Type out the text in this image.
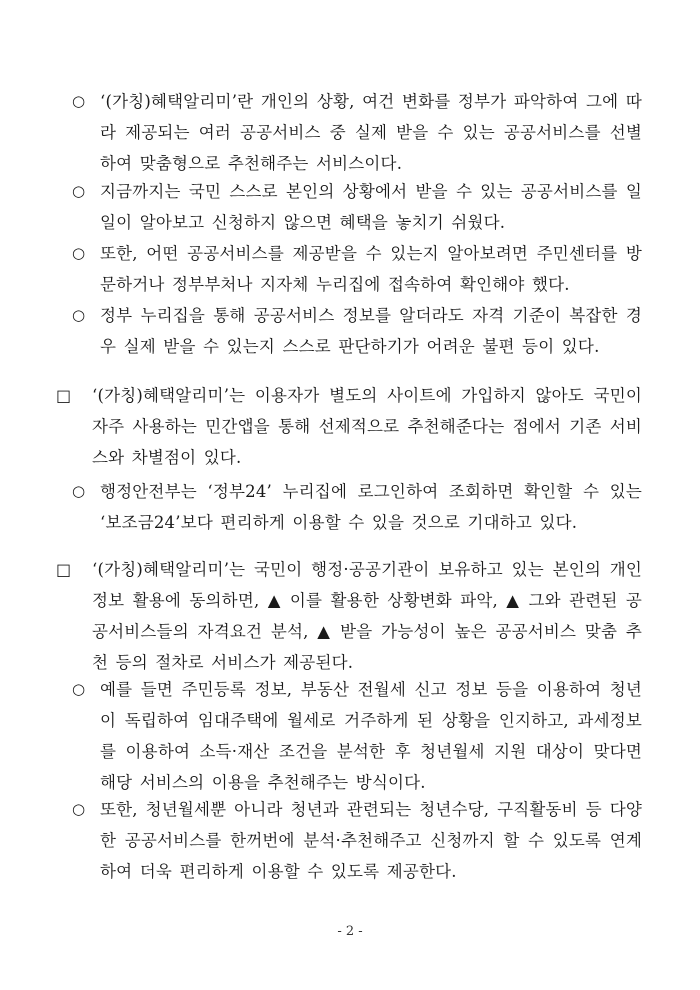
○ ‘(가칭)혜택알리미’란 개인의 상황, 여건 변화를 정부가 파악하여 그에 따라 제공되는 여러 공공서비스 중 실제 받을 수 있는 공공서비스를 선별하여 맞춤형으로 추천해주는 서비스이다.
○ 지금까지는 국민 스스로 본인의 상황에서 받을 수 있는 공공서비스를 일일이 알아보고 신청하지 않으면 혜택을 놓치기 쉬웠다.
○ 또한, 어떤 공공서비스를 제공받을 수 있는지 알아보려면 주민센터를 방문하거나 정부부처나 지자체 누리집에 접속하여 확인해야 했다.
○ 정부 누리집을 통해 공공서비스 정보를 알더라도 자격 기준이 복잡한 경우 실제 받을 수 있는지 스스로 판단하기가 어려운 불편 등이 있다.
□	‘(가칭)혜택알리미’는 이용자가 별도의 사이트에 가입하지 않아도 국민이 자주 사용하는 민간앱을 통해 선제적으로 추천해준다는 점에서 기존 서비스와 차별점이 있다.
○ 행정안전부는 ‘정부24’ 누리집에 로그인하여 조회하면 확인할 수 있는 ‘보조금24’보다 편리하게 이용할 수 있을 것으로 기대하고 있다.
□	‘(가칭)혜택알리미’는 국민이 행정·공공기관이 보유하고 있는 본인의 개인정보 활용에 동의하면, ▲ 이를 활용한 상황변화 파악, ▲ 그와 관련된 공공서비스들의 자격요건 분석, ▲ 받을 가능성이 높은 공공서비스 맞춤 추천 등의 절차로 서비스가 제공된다.
○ 예를 들면 주민등록 정보, 부동산 전월세 신고 정보 등을 이용하여 청년이 독립하여 임대주택에 월세로 거주하게 된 상황을 인지하고, 과세정보를 이용하여 소득·재산 조건을 분석한 후 청년월세 지원 대상이 맞다면 해당 서비스의 이용을 추천해주는 방식이다.
○ 또한, 청년월세뿐 아니라 청년과 관련되는 청년수당, 구직활동비 등 다양한 공공서비스를 한꺼번에 분석·추천해주고 신청까지 할 수 있도록 연계하여 더욱 편리하게 이용할 수 있도록 제공한다.
- 2 -
